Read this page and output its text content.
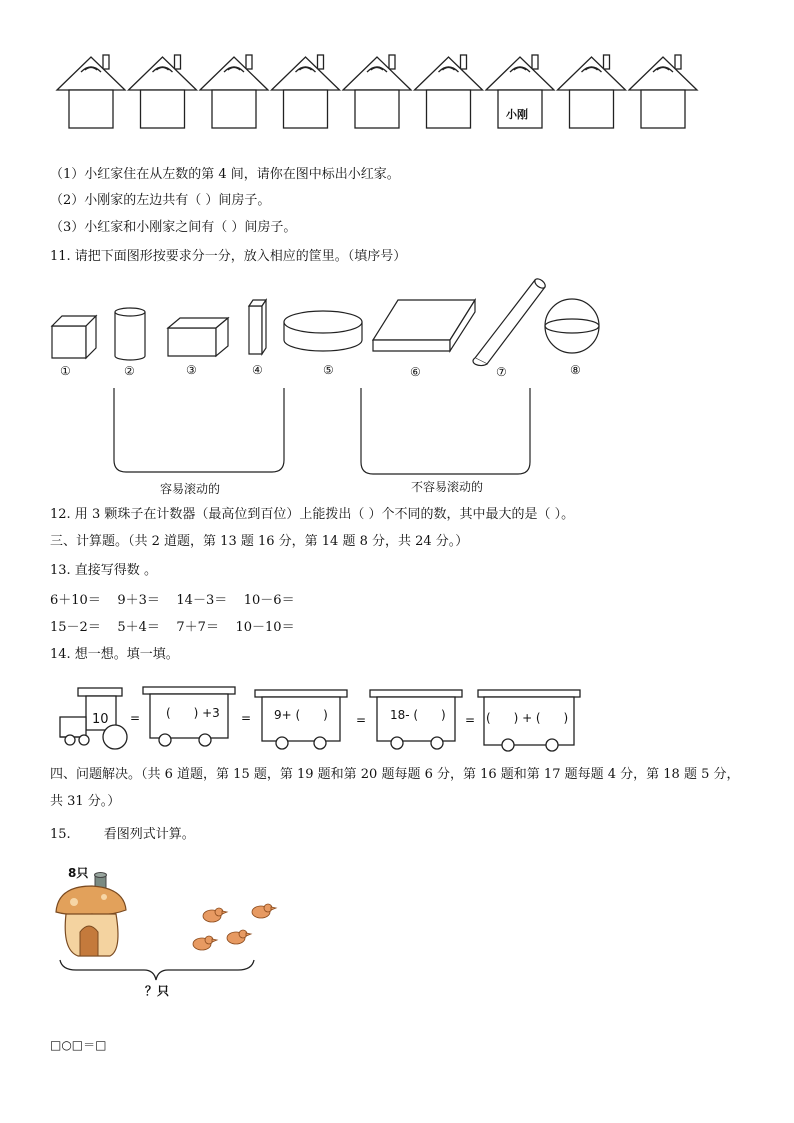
小刚
（1）小红家住在从左数的第 4 间，请你在图中标出小红家。
（2）小刚家的左边共有（ ）间房子。
（3）小红家和小刚家之间有（ ）间房子。
11. 请把下面图形按要求分一分，放入相应的筐里。（填序号）
①	②	③	④	⑤	⑥	⑦	⑧
容易滚动的	不容易滚动的
12. 用 3 颗珠子在计数器（最高位到百位）上能拨出（ ）个不同的数，其中最大的是（ ）。
三、计算题。（共 2 道题，第 13 题 16 分，第 14 题 8 分，共 24 分。）
13. 直接写得数 。
6＋10＝    9＋3＝    14－3＝    10－6＝
15－2＝    5＋4＝    7＋7＝    10－10＝
14. 想一想。填一填。
10 = (      ) +3 = 9+ (      ) = 18- (      ) = (      ) + (      )
四、问题解决。（共 6 道题，第 15 题，第 19 题和第 20 题每题 6 分，第 16 题和第 17 题每题 4 分，第 18 题 5 分，
共 31 分。）
15.        看图列式计算。
8只
？只
□○□＝□
